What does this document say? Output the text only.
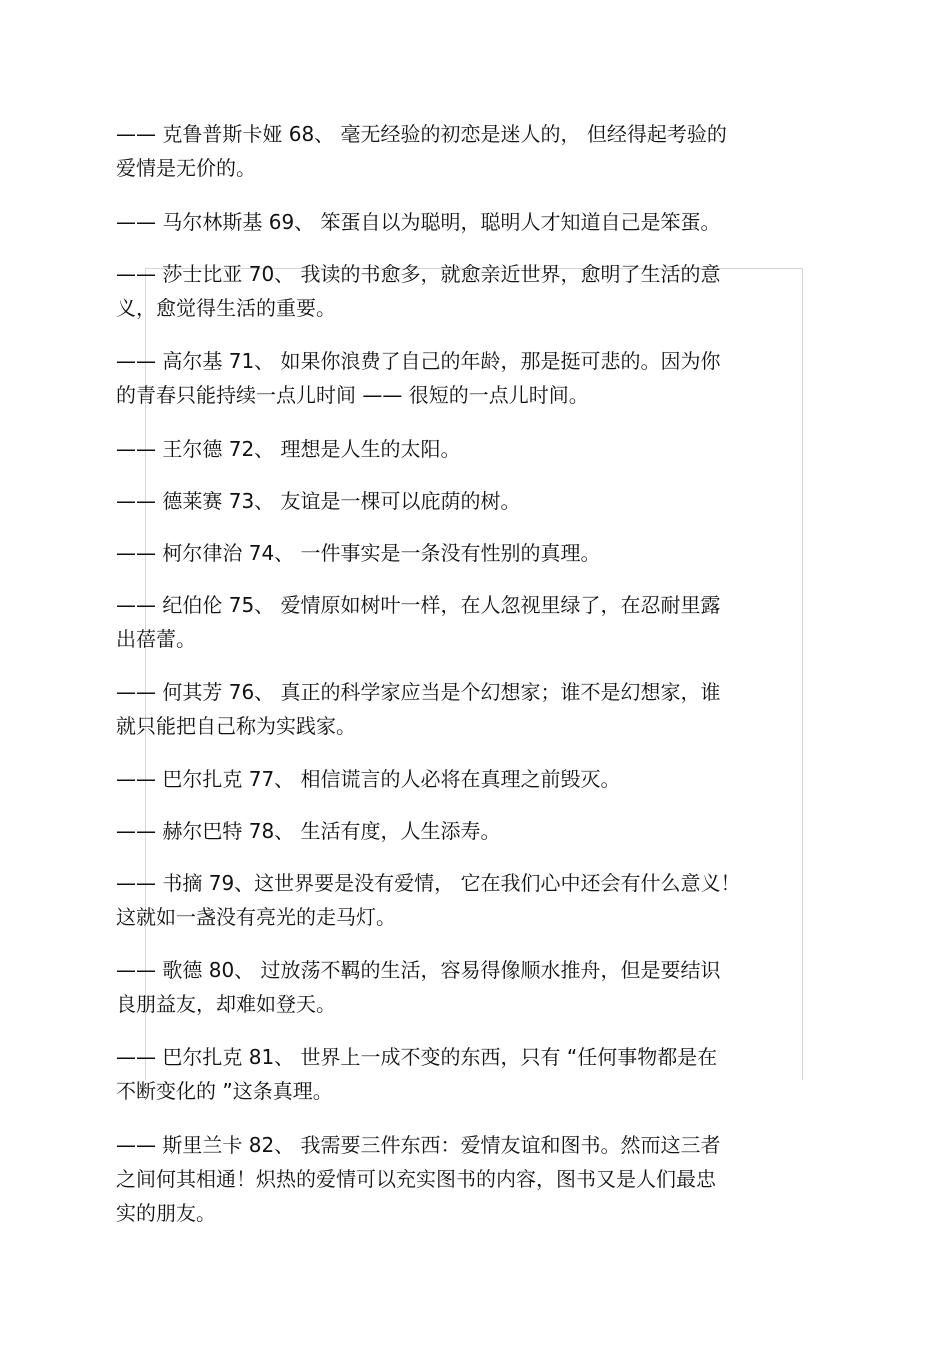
—— 克鲁普斯卡娅 68、 毫无经验的初恋是迷人的， 但经得起考验的
爱情是无价的。
—— 马尔林斯基 69、 笨蛋自以为聪明，聪明人才知道自己是笨蛋。
—— 莎士比亚 70、 我读的书愈多，就愈亲近世界，愈明了生活的意
义，愈觉得生活的重要。
—— 高尔基 71、 如果你浪费了自己的年龄，那是挺可悲的。因为你
的青春只能持续一点儿时间 —— 很短的一点儿时间。
—— 王尔德 72、 理想是人生的太阳。
—— 德莱赛 73、 友谊是一棵可以庇荫的树。
—— 柯尔律治 74、 一件事实是一条没有性别的真理。
—— 纪伯伦 75、 爱情原如树叶一样，在人忽视里绿了，在忍耐里露
出蓓蕾。
—— 何其芳 76、 真正的科学家应当是个幻想家；谁不是幻想家，谁
就只能把自己称为实践家。
—— 巴尔扎克 77、 相信谎言的人必将在真理之前毁灭。
—— 赫尔巴特 78、 生活有度，人生添寿。
—— 书摘 79、这世界要是没有爱情， 它在我们心中还会有什么意义！
这就如一盏没有亮光的走马灯。
—— 歌德 80、 过放荡不羁的生活，容易得像顺水推舟，但是要结识
良朋益友，却难如登天。
—— 巴尔扎克 81、 世界上一成不变的东西，只有 “任何事物都是在
不断变化的 ”这条真理。
—— 斯里兰卡 82、 我需要三件东西：爱情友谊和图书。然而这三者
之间何其相通！炽热的爱情可以充实图书的内容，图书又是人们最忠
实的朋友。
